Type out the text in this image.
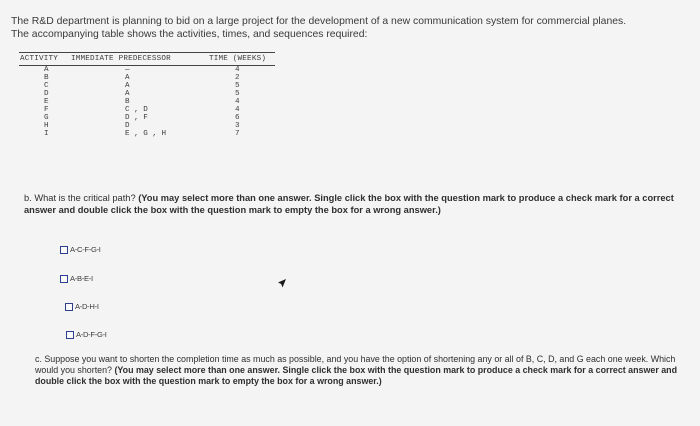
The R&D department is planning to bid on a large project for the development of a new communication system for commercial planes.

The accompanying table shows the activities, times, and sequences required:

ACTIVITY IMMEDIATE PREDECESSOR	TIME (WEEKS)
A	—	4
B	A	2
C	A	5
D	A	5
E	B	4
F	C , D	4
G	D , F	6
H	D	3
I	E , G , H	7
b. What is the critical path? (You may select more than one answer. Single click the box with the question mark to produce a check mark for a correct answer and double click the box with the question mark to empty the box for a wrong answer.)
A-C-F-G-I
A-B-E-I
A-D-H-I
A-D-F-G-I
c. Suppose you want to shorten the completion time as much as possible, and you have the option of shortening any or all of B, C, D, and G each one week. Which would you shorten? (You may select more than one answer. Single click the box with the question mark to produce a check mark for a correct answer and double click the box with the question mark to empty the box for a wrong answer.)
